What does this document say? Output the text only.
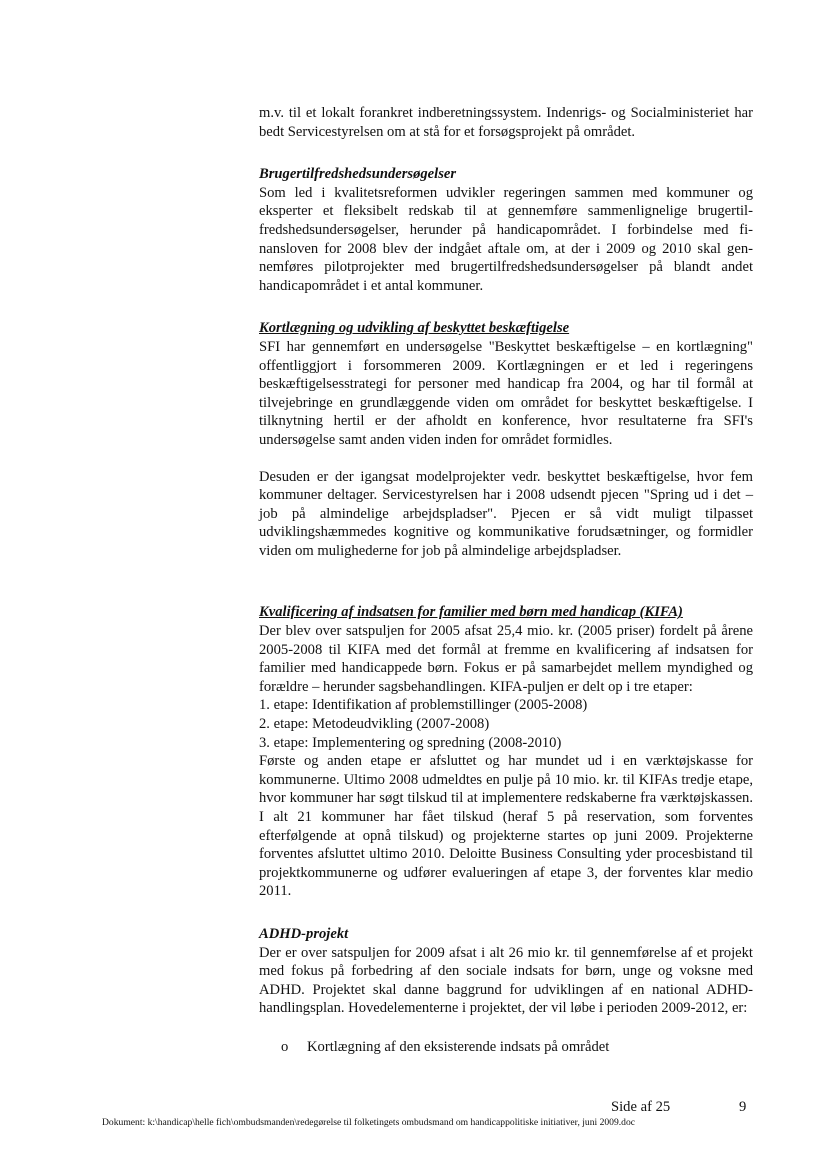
m.v. til et lokalt forankret indberetningssystem. Indenrigs- og Socialministeriet har bedt Servicestyrelsen om at stå for et forsøgsprojekt på området.

Brugertilfredshedsundersøgelser

Som led i kvalitetsreformen udvikler regeringen sammen med kommuner og eksperter et fleksibelt redskab til at gennemføre sammenlignelige brugertilfredshedsundersøgelser, herunder på handicapområdet. I forbindelse med finansloven for 2008 blev der indgået aftale om, at der i 2009 og 2010 skal gennemføres pilotprojekter med brugertilfredshedsundersøgelser på blandt andet handicapområdet i et antal kommuner.

Kortlægning og udvikling af beskyttet beskæftigelse

SFI har gennemført en undersøgelse "Beskyttet beskæftigelse – en kortlægning" offentliggjort i forsommeren 2009. Kortlægningen er et led i regeringens beskæftigelsesstrategi for personer med handicap fra 2004, og har til formål at tilvejebringe en grundlæggende viden om området for beskyttet beskæftigelse. I tilknytning hertil er der afholdt en konference, hvor resultaterne fra SFI's undersøgelse samt anden viden inden for området formidles.

Desuden er der igangsat modelprojekter vedr. beskyttet beskæftigelse, hvor fem kommuner deltager. Servicestyrelsen har i 2008 udsendt pjecen "Spring ud i det – job på almindelige arbejdspladser". Pjecen er så vidt muligt tilpasset udviklingshæmmedes kognitive og kommunikative forudsætninger, og formidler viden om mulighederne for job på almindelige arbejdspladser.

Kvalificering af indsatsen for familier med børn med handicap (KIFA)

Der blev over satspuljen for 2005 afsat 25,4 mio. kr. (2005 priser) fordelt på årene 2005-2008 til KIFA med det formål at fremme en kvalificering af indsatsen for familier med handicappede børn. Fokus er på samarbejdet mellem myndighed og forældre – herunder sagsbehandlingen. KIFA-puljen er delt op i tre etaper:

1. etape: Identifikation af problemstillinger (2005-2008)

2. etape: Metodeudvikling (2007-2008)

3. etape: Implementering og spredning (2008-2010)

Første og anden etape er afsluttet og har mundet ud i en værktøjskasse for kommunerne. Ultimo 2008 udmeldtes en pulje på 10 mio. kr. til KIFAs tredje etape, hvor kommuner har søgt tilskud til at implementere redskaberne fra værktøjskassen. I alt 21 kommuner har fået tilskud (heraf 5 på reservation, som forventes efterfølgende at opnå tilskud) og projekterne startes op juni 2009. Projekterne forventes afsluttet ultimo 2010. Deloitte Business Consulting yder procesbistand til projektkommunerne og udfører evalueringen af etape 3, der forventes klar medio 2011.

ADHD-projekt

Der er over satspuljen for 2009 afsat i alt 26 mio kr. til gennemførelse af et projekt med fokus på forbedring af den sociale indsats for børn, unge og voksne med ADHD. Projektet skal danne baggrund for udviklingen af en national ADHD-handlingsplan. Hovedelementerne i projektet, der vil løbe i perioden 2009-2012, er:

o Kortlægning af den eksisterende indsats på området
Side af 25	9
Dokument: k:\handicap\helle fich\ombudsmanden\redegørelse til folketingets ombudsmand om handicappolitiske initiativer, juni 2009.doc
